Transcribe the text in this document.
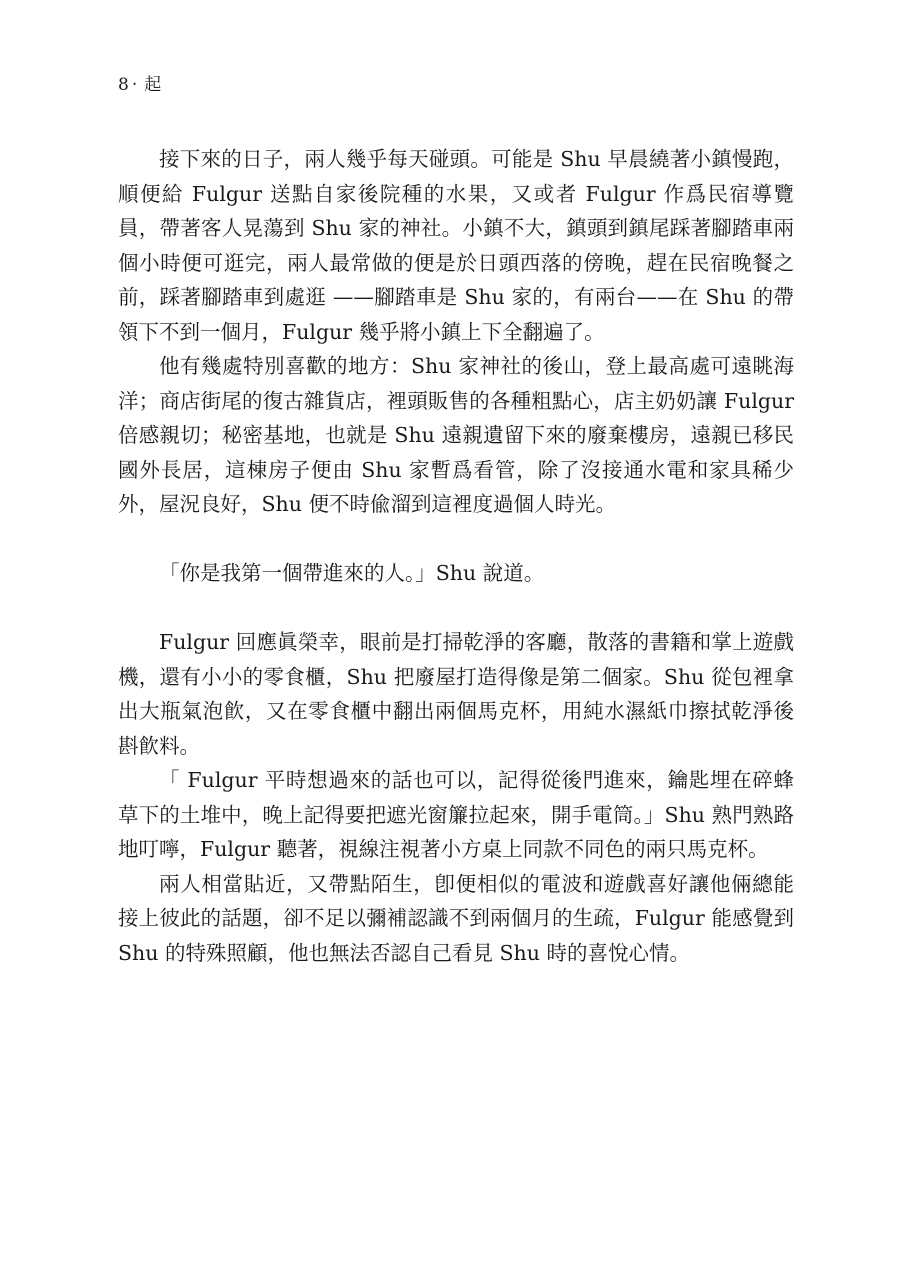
8 ‧ 起

接下來的日子，兩人幾乎每天碰頭。可能是 Shu 早晨繞著小鎮慢跑，順便給 Fulgur 送點自家後院種的水果，又或者 Fulgur 作爲民宿導覽員，帶著客人晃蕩到 Shu 家的神社。小鎮不大，鎮頭到鎮尾踩著腳踏車兩個小時便可逛完，兩人最常做的便是於日頭西落的傍晚，趕在民宿晚餐之前，踩著腳踏車到處逛 ——腳踏車是 Shu 家的，有兩台——在 Shu 的帶領下不到一個月，Fulgur 幾乎將小鎮上下全翻遍了。

他有幾處特別喜歡的地方：Shu 家神社的後山，登上最高處可遠眺海洋；商店街尾的復古雜貨店，裡頭販售的各種粗點心，店主奶奶讓 Fulgur 倍感親切；秘密基地，也就是 Shu 遠親遺留下來的廢棄樓房，遠親已移民國外長居，這棟房子便由 Shu 家暫爲看管，除了沒接通水電和家具稀少外，屋況良好，Shu 便不時偸溜到這裡度過個人時光。

「你是我第一個帶進來的人。」Shu 說道。

Fulgur 回應眞榮幸，眼前是打掃乾淨的客廳，散落的書籍和掌上遊戲機，還有小小的零食櫃，Shu 把廢屋打造得像是第二個家。Shu 從包裡拿出大瓶氣泡飮，又在零食櫃中翻出兩個馬克杯，用純水濕紙巾擦拭乾淨後斟飮料。

「 Fulgur 平時想過來的話也可以，記得從後門進來，鑰匙埋在碎蜂草下的土堆中，晚上記得要把遮光窗簾拉起來，開手電筒。」Shu 熟門熟路地叮嚀，Fulgur 聽著，視線注視著小方桌上同款不同色的兩只馬克杯。

兩人相當貼近，又帶點陌生，卽便相似的電波和遊戲喜好讓他倆總能接上彼此的話題，卻不足以彌補認識不到兩個月的生疏，Fulgur 能感覺到 Shu 的特殊照顧，他也無法否認自己看見 Shu 時的喜悅心情。
